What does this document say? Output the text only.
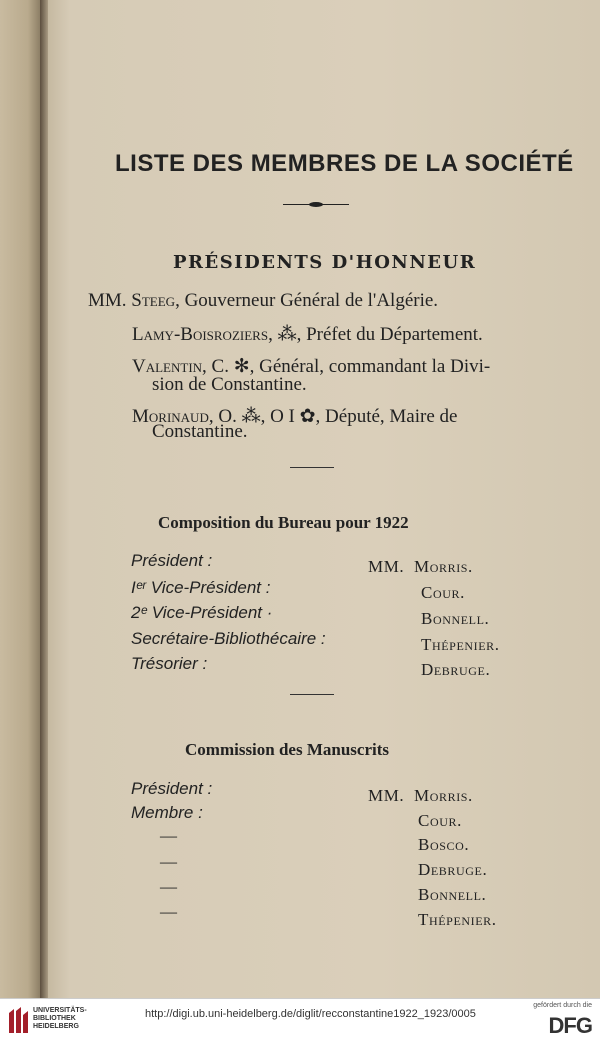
LISTE DES MEMBRES DE LA SOCIÉTÉ
PRÉSIDENTS D'HONNEUR
MM. Steeg, Gouverneur Général de l'Algérie.
Lamy-Boisroziers, ⁂, Préfet du Département.
Valentin, C. ✻, Général, commandant la Divi-
sion de Constantine.
Morinaud, O. ⁂, O I ✿, Député, Maire de
Constantine.
Composition du Bureau pour 1922
Président :	MM. Morris.
Iᵉʳ Vice-Président :	Cour.
2ᵉ Vice-Président ·	Bonnell.
Secrétaire-Bibliothécaire :	Thépenier.
Trésorier :	Debruge.
Commission des Manuscrits
Président :	MM. Morris.
Membre :	Cour.
—	Bosco.
—	Debruge.
—	Bonnell.
—	Thépenier.
UNIVERSITÄTS-
BIBLIOTHEK
HEIDELBERG
http://digi.ub.uni-heidelberg.de/diglit/recconstantine1922_1923/0005
gefördert durch die
DFG
